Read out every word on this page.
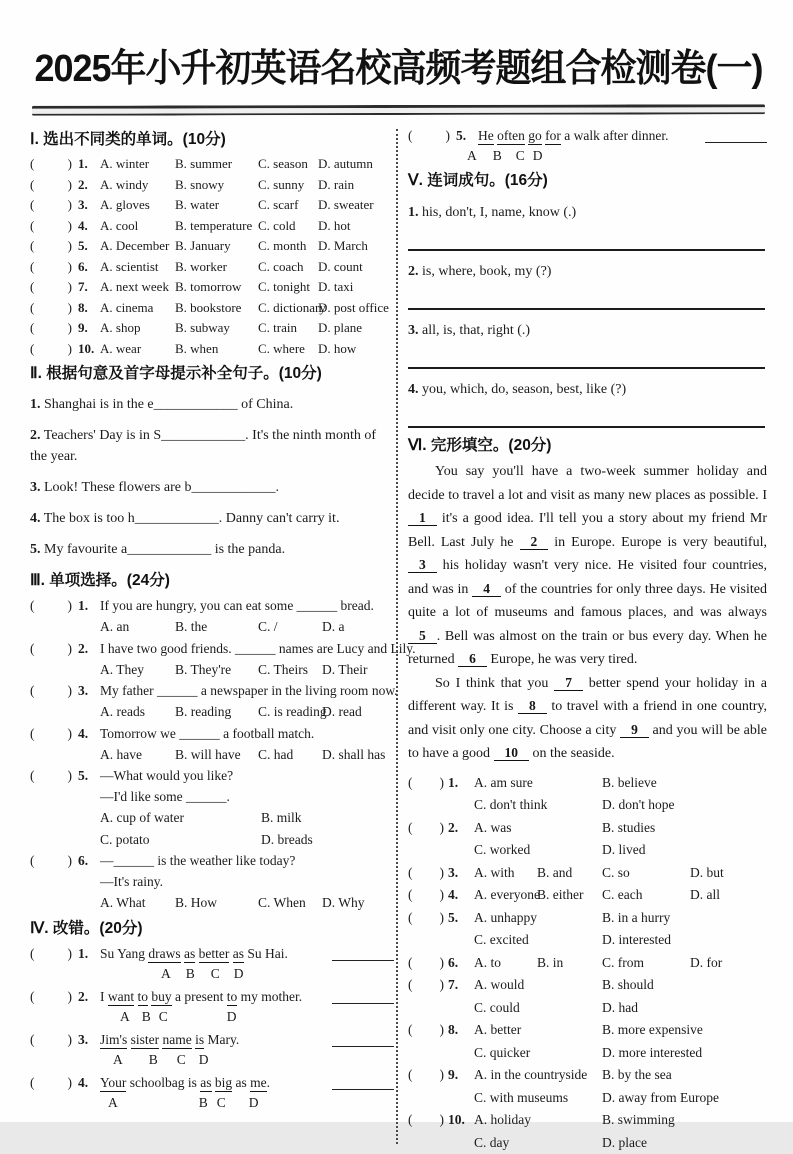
2025年小升初英语名校高频考题组合检测卷(一)
Ⅰ. 选出不同类的单词。(10分)
(	) 1. A. winter	B. summer	C. season D. autumn
(	) 2. A. windy	B. snowy	C. sunny	D. rain
(	) 3. A. gloves	B. water	C. scarf	D. sweater
(	) 4. A. cool	B. temperature C. cold	D. hot
(	) 5. A. December B. January	C. month D. March
(	) 6. A. scientist	B. worker	C. coach	D. count
(	) 7. A. next week B. tomorrow	C. tonight D. taxi
(	) 8. A. cinema	B. bookstore	C. dictionary
D. post office
(	) 9. A. shop	B. subway	C. train	D. plane
(	) 10. A. wear	B. when	C. where	D. how
Ⅱ. 根据句意及首字母提示补全句子。(10分)
1. Shanghai is in the e____________ of China.
2. Teachers' Day is in S____________. It's the ninth month of the year.
3. Look! These flowers are b____________.
4. The box is too h____________. Danny can't carry it.
5. My favourite a____________ is the panda.
Ⅲ. 单项选择。(24分)
( ) 1. If you are hungry, you can eat some ______ bread.
A. an	B. the	C. /	D. a
( ) 2. I have two good friends. ______ names are Lucy and Lily.
A. They	B. They're	C. Theirs	D. Their
( ) 3. My father ______ a newspaper in the living room now.
A. reads	B. reading	C. is reading
D. read
( ) 4. Tomorrow we ______ a football match.
A. have	B. will have	C. had	D. shall has
( ) 5. —What would you like?
—I'd like some ______.
A. cup of water	B. milk
C. potato	D. breads
( ) 6. —______ is the weather like today?
—It's rainy.
A. What	B. How	C. When	D. Why
Ⅳ. 改错。(20分)
( ) 1. Su Yang draws as better as Su Hai.
A B C D
( ) 2. I want to buy a present to my mother.
A B C	D
( ) 3. Jim's sister name is Mary.
A B C D
( ) 4. Your schoolbag is as big as me.
A	B C D
( ) 5. He often go for a walk after dinner.
A B C D
Ⅴ. 连词成句。(16分)
1. his, don't, I, name, know (.)
2. is, where, book, my (?)
3. all, is, that, right (.)
4. you, which, do, season, best, like (?)
Ⅵ. 完形填空。(20分)

You say you'll have a two-week summer holiday and decide to travel a lot and visit as many new places as possible. I 1 it's a good idea. I'll tell you a story about my friend Mr Bell. Last July he 2 in Europe. Europe is very beautiful, 3 his holiday wasn't very nice. He visited four countries, and was in 4 of the countries for only three days. He visited quite a lot of museums and famous places, and was always 5 . Bell was almost on the train or bus every day. When he returned 6 Europe, he was very tired.

So I think that you 7 better spend your holiday in a different way. It is 8 to travel with a friend in one country, and visit only one city. Choose a city 9 and you will be able to have a good 10 on the seaside.

( ) 1.	A. am sure	B. believe
C. don't think	D. don't hope
( ) 2.	A. was	B. studies
C. worked	D. lived
( ) 3.	A. with	B. and	C. so	D. but
( ) 4.	A. everyone
B. either	C. each	D. all
( ) 5.	A. unhappy	B. in a hurry
C. excited	D. interested
( ) 6.	A. to	B. in	C. from	D. for
( ) 7.	A. would	B. should
C. could	D. had
( ) 8.	A. better	B. more expensive
C. quicker	D. more interested
( ) 9.	A. in the countryside	B. by the sea
C. with museums	D. away from Europe
( ) 10. A. holiday	B. swimming
C. day	D. place
